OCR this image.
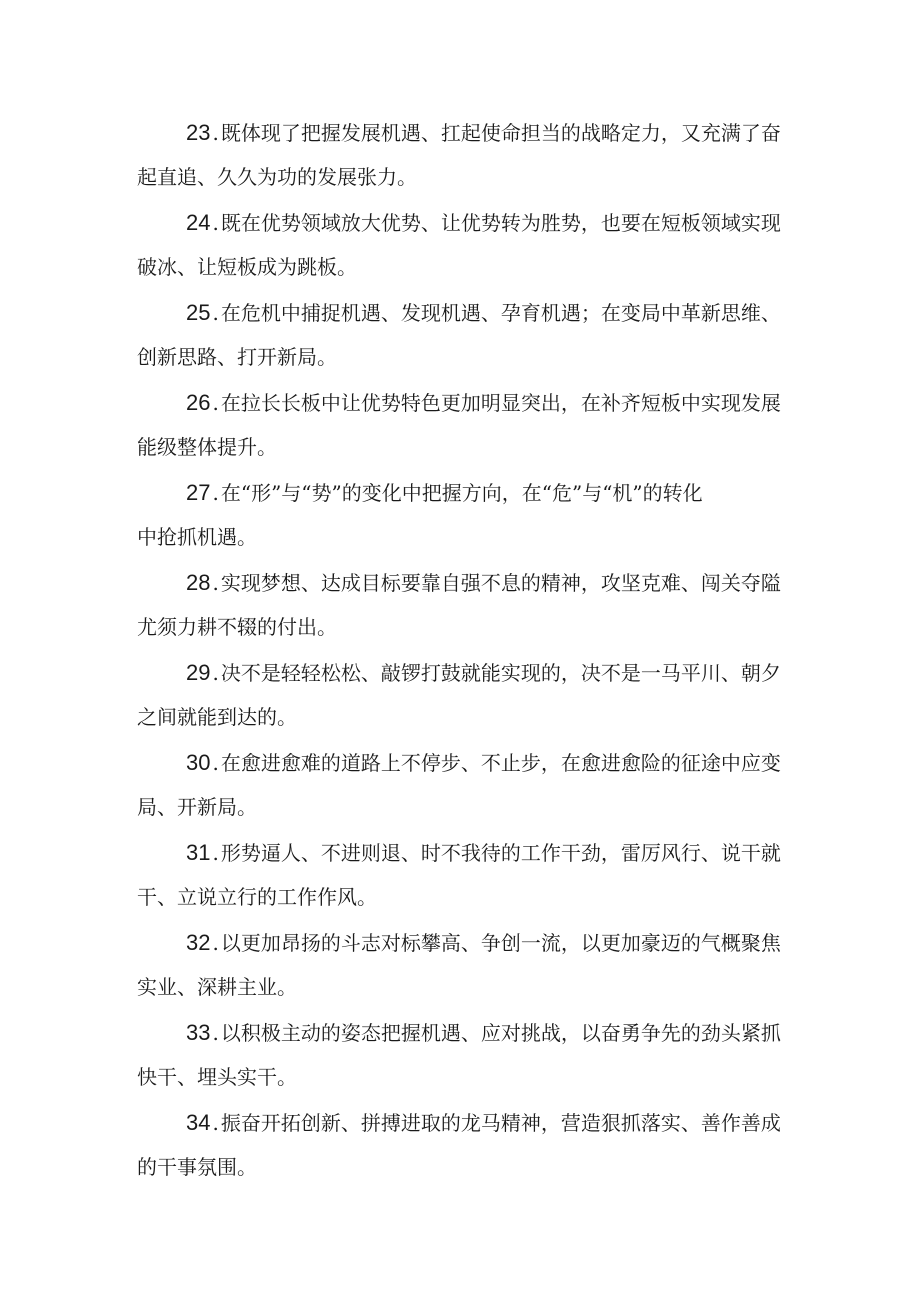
23 . 既体现了把握发展机遇、扛起使命担当的战略定力，又充满了奋
起直追、久久为功的发展张力。
24 . 既在优势领域放大优势、让优势转为胜势，也要在短板领域实现
破冰、让短板成为跳板。
25 . 在危机中捕捉机遇、发现机遇、孕育机遇；在变局中革新思维、
创新思路、打开新局。
26 . 在拉长长板中让优势特色更加明显突出，在补齐短板中实现发展
能级整体提升。
27 . 在“形”与“势”的变化中把握方向，在“危”与“机”的转化
中抢抓机遇。
28 . 实现梦想、达成目标要靠自强不息的精神，攻坚克难、闯关夺隘
尤须力耕不辍的付出。
29 . 决不是轻轻松松、敲锣打鼓就能实现的，决不是一马平川、朝夕
之间就能到达的。
30 . 在愈进愈难的道路上不停步、不止步，在愈进愈险的征途中应变
局、开新局。
31 . 形势逼人、不进则退、时不我待的工作干劲，雷厉风行、说干就
干、立说立行的工作作风。
32 . 以更加昂扬的斗志对标攀高、争创一流，以更加豪迈的气概聚焦
实业、深耕主业。
33 . 以积极主动的姿态把握机遇、应对挑战，以奋勇争先的劲头紧抓
快干、埋头实干。
34 . 振奋开拓创新、拼搏进取的龙马精神，营造狠抓落实、善作善成
的干事氛围。
